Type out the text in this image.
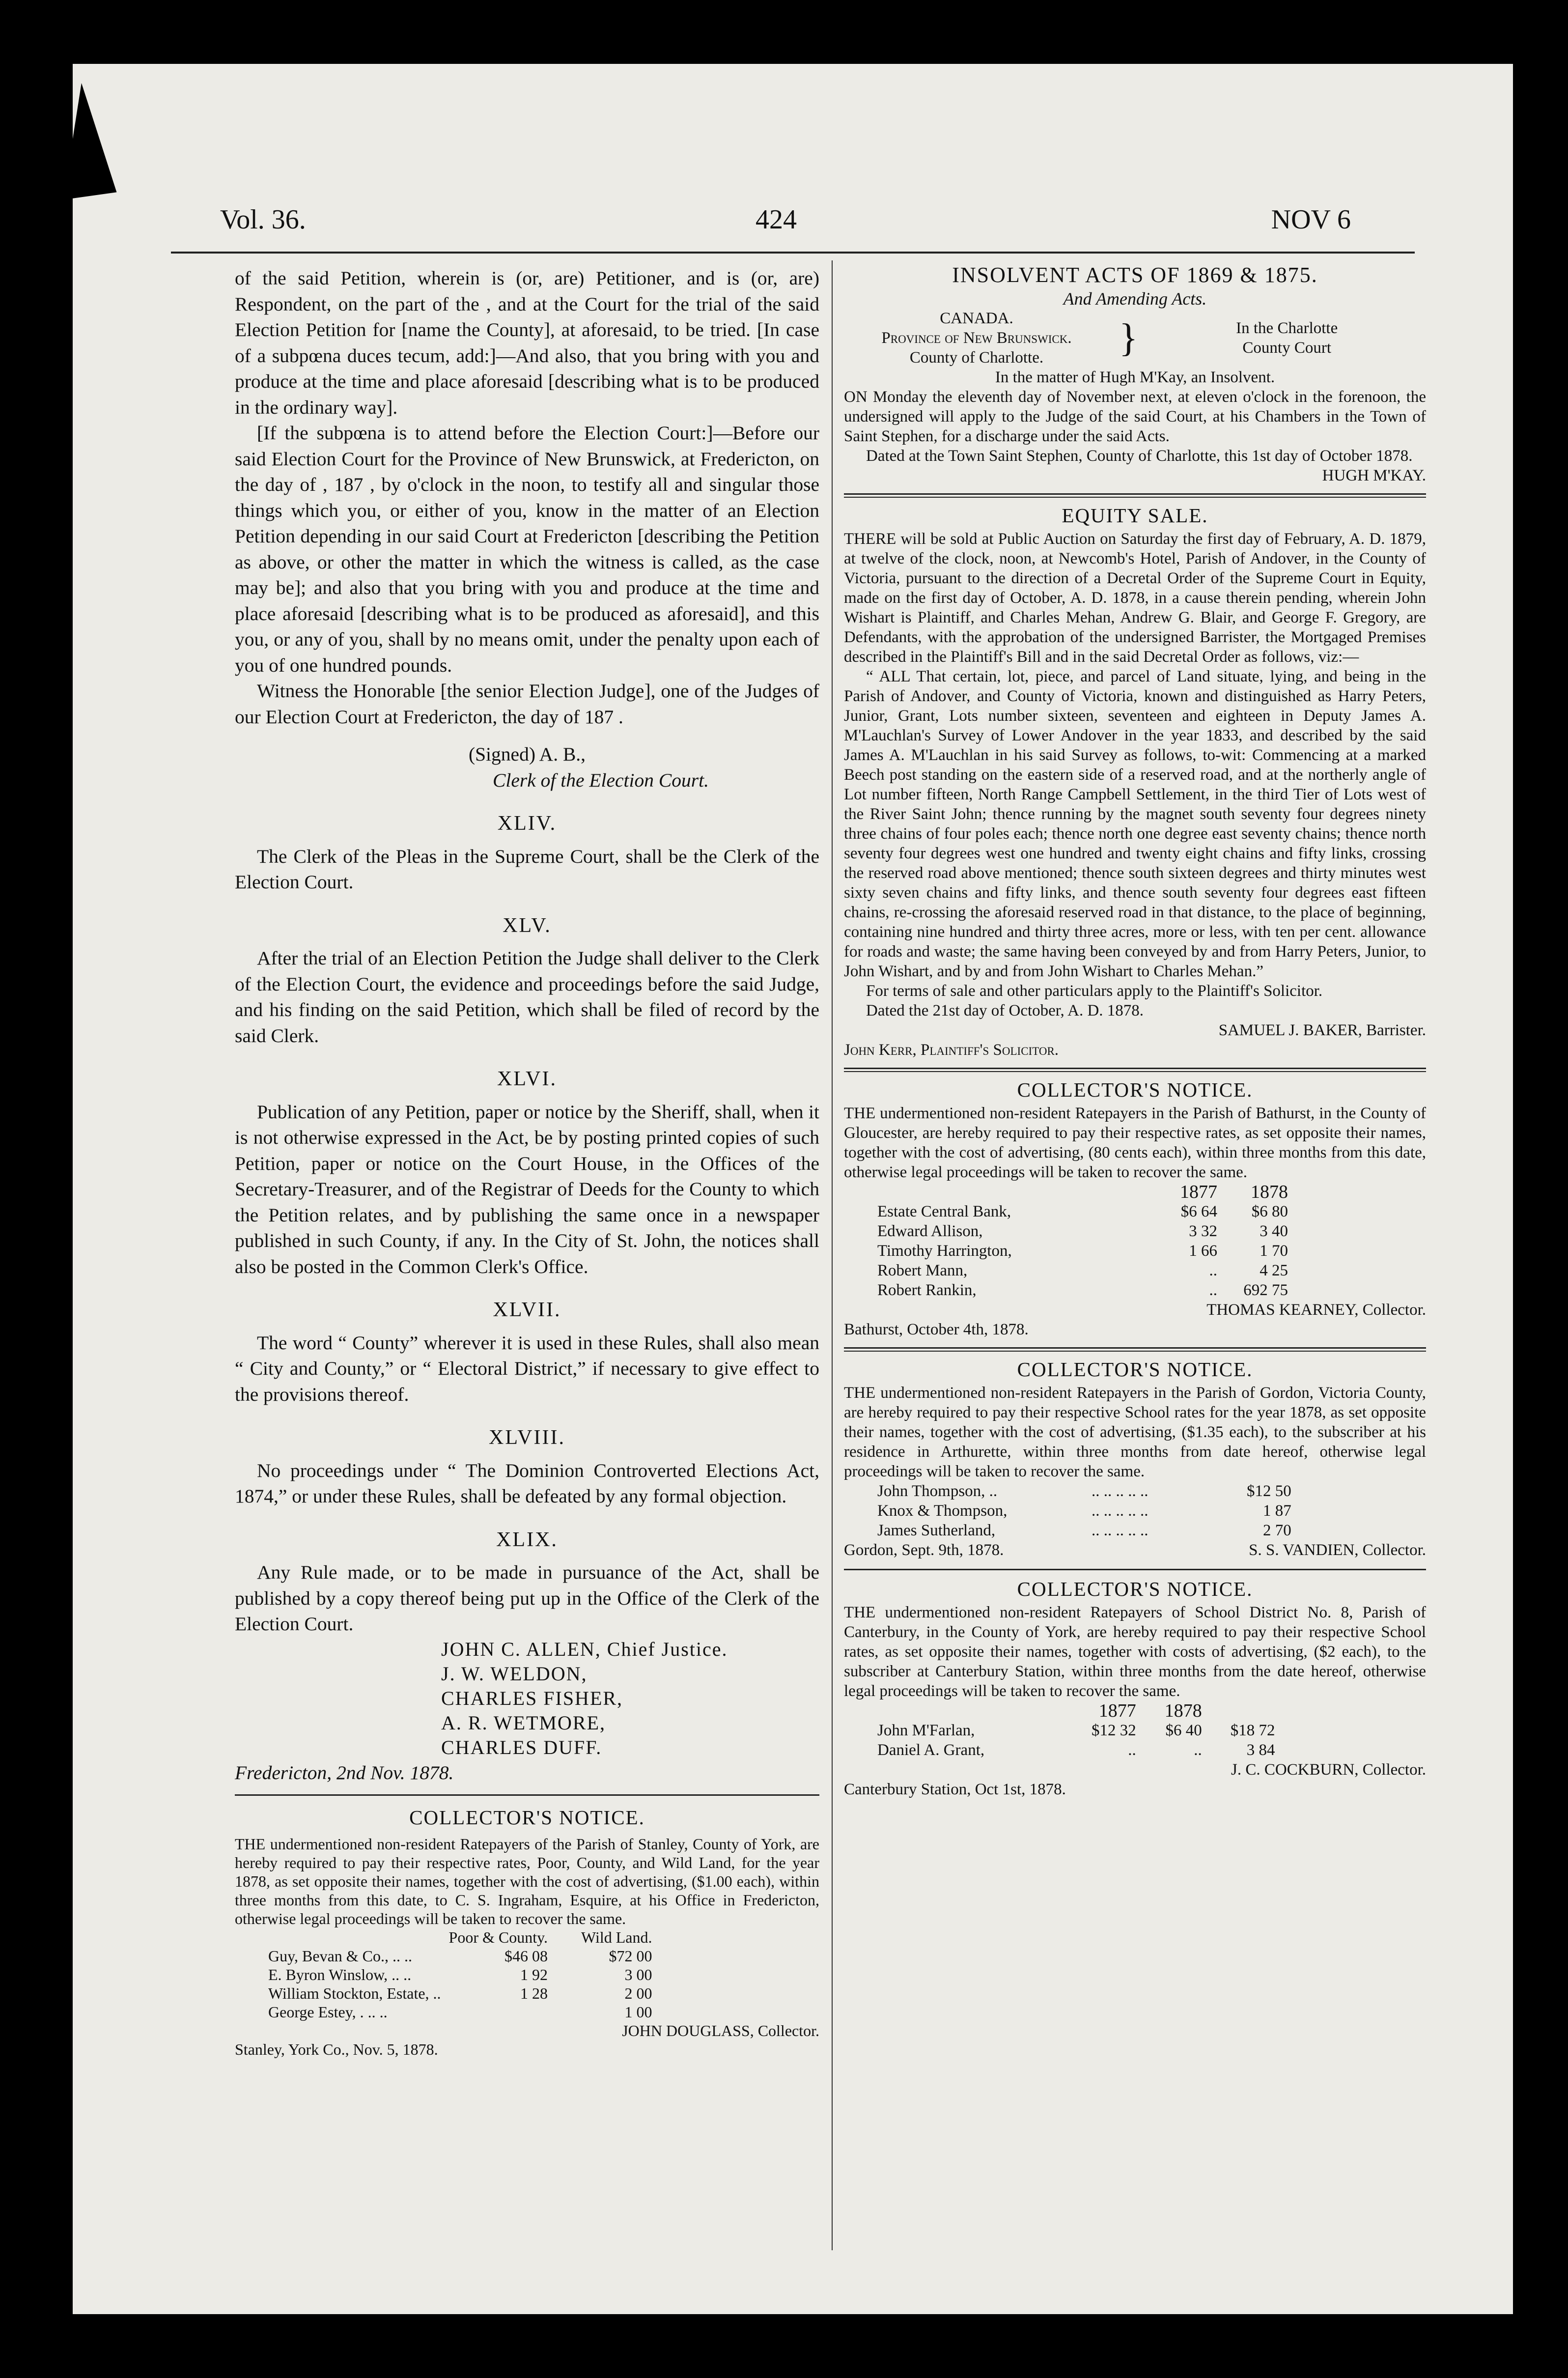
Vol. 36.	424	NOV 6

of the said Petition, wherein is (or, are) Petitioner, and is (or, are) Respondent, on the part of the , and at the Court for the trial of the said Election Petition for [name the County], at aforesaid, to be tried. [In case of a subpœna duces tecum, add:]—And also, that you bring with you and produce at the time and place aforesaid [describing what is to be produced in the ordinary way].

[If the subpœna is to attend before the Election Court:]—Before our said Election Court for the Province of New Brunswick, at Fredericton, on the day of , 187 , by o'clock in the noon, to testify all and singular those things which you, or either of you, know in the matter of an Election Petition depending in our said Court at Fredericton [describing the Petition as above, or other the matter in which the witness is called, as the case may be]; and also that you bring with you and produce at the time and place aforesaid [describing what is to be produced as aforesaid], and this you, or any of you, shall by no means omit, under the penalty upon each of you of one hundred pounds.

Witness the Honorable [the senior Election Judge], one of the Judges of our Election Court at Fredericton, the day of 187 .

(Signed) A. B.,

Clerk of the Election Court.

XLIV.

The Clerk of the Pleas in the Supreme Court, shall be the Clerk of the Election Court.

XLV.

After the trial of an Election Petition the Judge shall deliver to the Clerk of the Election Court, the evidence and proceedings before the said Judge, and his finding on the said Petition, which shall be filed of record by the said Clerk.

XLVI.

Publication of any Petition, paper or notice by the Sheriff, shall, when it is not otherwise expressed in the Act, be by posting printed copies of such Petition, paper or notice on the Court House, in the Offices of the Secretary-Treasurer, and of the Registrar of Deeds for the County to which the Petition relates, and by publishing the same once in a newspaper published in such County, if any. In the City of St. John, the notices shall also be posted in the Common Clerk's Office.

XLVII.

The word “ County” wherever it is used in these Rules, shall also mean “ City and County,” or “ Electoral District,” if necessary to give effect to the provisions thereof.

XLVIII.

No proceedings under “ The Dominion Controverted Elections Act, 1874,” or under these Rules, shall be defeated by any formal objection.

XLIX.

Any Rule made, or to be made in pursuance of the Act, shall be published by a copy thereof being put up in the Office of the Clerk of the Election Court.

JOHN C. ALLEN, Chief Justice.

J. W. WELDON,

CHARLES FISHER,

A. R. WETMORE,

CHARLES DUFF.

Fredericton, 2nd Nov. 1878.

COLLECTOR'S NOTICE.

THE undermentioned non-resident Ratepayers of the Parish of Stanley, County of York, are hereby required to pay their respective rates, Poor, County, and Wild Land, for the year 1878, as set opposite their names, together with the cost of advertising, ($1.00 each), within three months from this date, to C. S. Ingraham, Esquire, at his Office in Fredericton, otherwise legal proceedings will be taken to recover the same.

	Poor & County.	Wild Land.
Guy, Bevan & Co., .. ..	$46 08	$72 00
E. Byron Winslow, .. ..	1 92	3 00
William Stockton, Estate, ..	1 28	2 00
George Estey, . .. ..		1 00

JOHN DOUGLASS, Collector.

Stanley, York Co., Nov. 5, 1878.

INSOLVENT ACTS OF 1869 & 1875.

And Amending Acts.

CANADA.

Province of New Brunswick.

County of Charlotte.	}	In the Charlotte

County Court

In the matter of Hugh M'Kay, an Insolvent.

ON Monday the eleventh day of November next, at eleven o'clock in the forenoon, the undersigned will apply to the Judge of the said Court, at his Chambers in the Town of Saint Stephen, for a discharge under the said Acts.

Dated at the Town Saint Stephen, County of Charlotte, this 1st day of October 1878.

HUGH M'KAY.

EQUITY SALE.

THERE will be sold at Public Auction on Saturday the first day of February, A. D. 1879, at twelve of the clock, noon, at Newcomb's Hotel, Parish of Andover, in the County of Victoria, pursuant to the direction of a Decretal Order of the Supreme Court in Equity, made on the first day of October, A. D. 1878, in a cause therein pending, wherein John Wishart is Plaintiff, and Charles Mehan, Andrew G. Blair, and George F. Gregory, are Defendants, with the approbation of the undersigned Barrister, the Mortgaged Premises described in the Plaintiff's Bill and in the said Decretal Order as follows, viz:—

“ ALL That certain, lot, piece, and parcel of Land situate, lying, and being in the Parish of Andover, and County of Victoria, known and distinguished as Harry Peters, Junior, Grant, Lots number sixteen, seventeen and eighteen in Deputy James A. M'Lauchlan's Survey of Lower Andover in the year 1833, and described by the said James A. M'Lauchlan in his said Survey as follows, to-wit: Commencing at a marked Beech post standing on the eastern side of a reserved road, and at the northerly angle of Lot number fifteen, North Range Campbell Settlement, in the third Tier of Lots west of the River Saint John; thence running by the magnet south seventy four degrees ninety three chains of four poles each; thence north one degree east seventy chains; thence north seventy four degrees west one hundred and twenty eight chains and fifty links, crossing the reserved road above mentioned; thence south sixteen degrees and thirty minutes west sixty seven chains and fifty links, and thence south seventy four degrees east fifteen chains, re-crossing the aforesaid reserved road in that distance, to the place of beginning, containing nine hundred and thirty three acres, more or less, with ten per cent. allowance for roads and waste; the same having been conveyed by and from Harry Peters, Junior, to John Wishart, and by and from John Wishart to Charles Mehan.”

For terms of sale and other particulars apply to the Plaintiff's Solicitor.

Dated the 21st day of October, A. D. 1878.

SAMUEL J. BAKER, Barrister.

John Kerr, Plaintiff's Solicitor.

COLLECTOR'S NOTICE.

THE undermentioned non-resident Ratepayers in the Parish of Bathurst, in the County of Gloucester, are hereby required to pay their respective rates, as set opposite their names, together with the cost of advertising, (80 cents each), within three months from this date, otherwise legal proceedings will be taken to recover the same.

	1877	1878
Estate Central Bank,	$6 64	$6 80
Edward Allison,	3 32	3 40
Timothy Harrington,	1 66	1 70
Robert Mann,	..	4 25
Robert Rankin,	..	692 75

THOMAS KEARNEY, Collector.

Bathurst, October 4th, 1878.

COLLECTOR'S NOTICE.

THE undermentioned non-resident Ratepayers in the Parish of Gordon, Victoria County, are hereby required to pay their respective School rates for the year 1878, as set opposite their names, together with the cost of advertising, ($1.35 each), to the subscriber at his residence in Arthurette, within three months from date hereof, otherwise legal proceedings will be taken to recover the same.

John Thompson, ..	.. .. .. .. ..	$12 50
Knox & Thompson,	.. .. .. .. ..	1 87
James Sutherland,	.. .. .. .. ..	2 70
Gordon, Sept. 9th, 1878.	S. S. VANDIEN, Collector.

COLLECTOR'S NOTICE.

THE undermentioned non-resident Ratepayers of School District No. 8, Parish of Canterbury, in the County of York, are hereby required to pay their respective School rates, as set opposite their names, together with costs of advertising, ($2 each), to the subscriber at Canterbury Station, within three months from the date hereof, otherwise legal proceedings will be taken to recover the same.

	1877	1878	
John M'Farlan,	$12 32	$6 40	$18 72
Daniel A. Grant,	..	..	3 84

J. C. COCKBURN, Collector.

Canterbury Station, Oct 1st, 1878.
